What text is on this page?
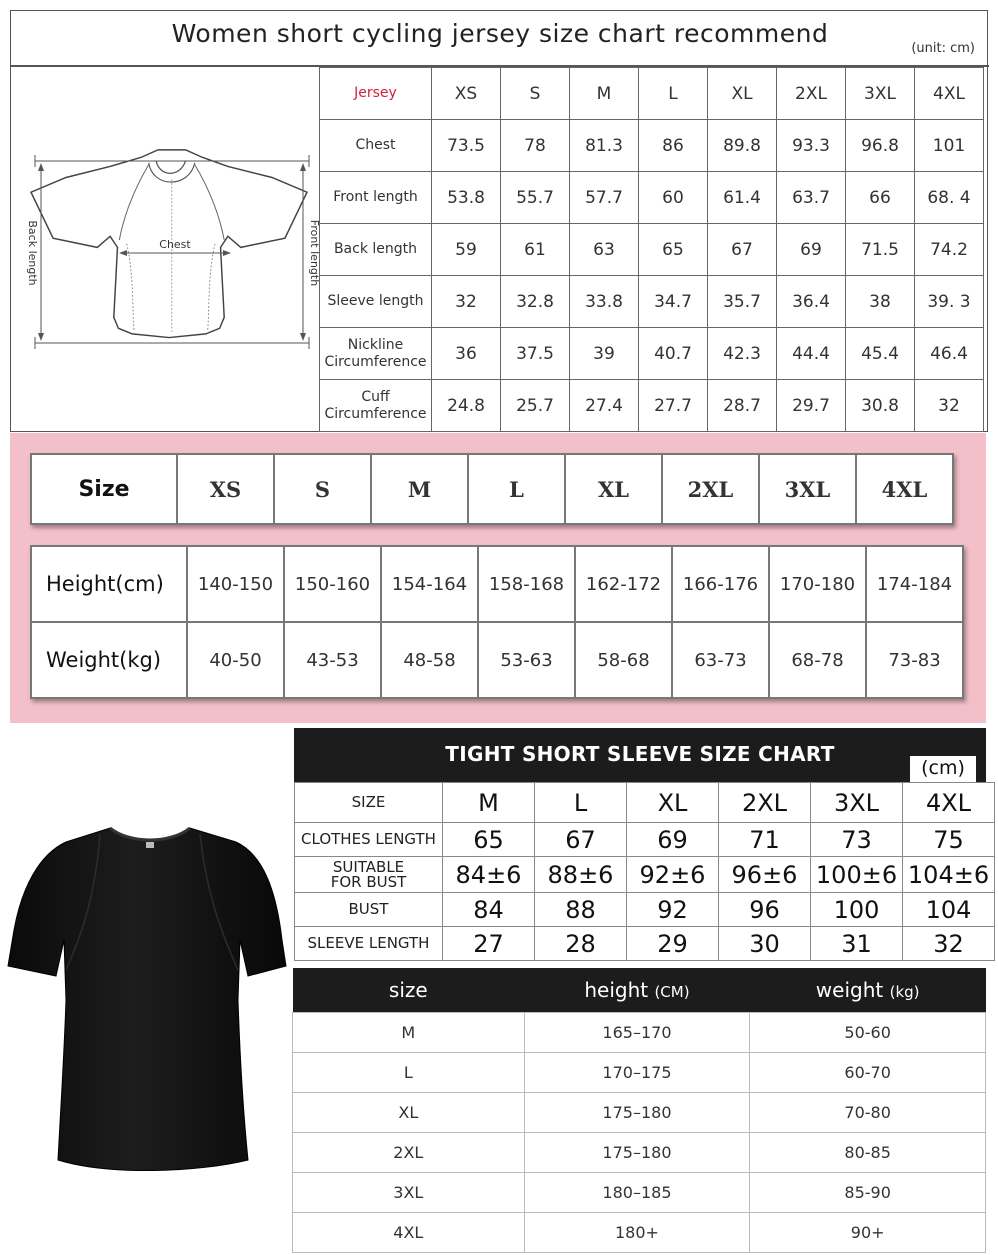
Women short cycling jersey size chart recommend
(unit: cm)
Back length	Chest	Front length
Jersey	XS	S	M	L	XL	2XL	3XL	4XL

Chest	73.5	78	81.3	86	89.8	93.3	96.8	101

Front length	53.8	55.7	57.7	60	61.4	63.7	66	68. 4

Back length	59	61	63	65	67	69	71.5	74.2

Sleeve length	32	32.8	33.8	34.7	35.7	36.4	38	39. 3

Nickline
Circumference	36	37.5	39	40.7	42.3	44.4	45.4	46.4

Cuff
Circumference	24.8	25.7	27.4	27.7	28.7	29.7	30.8	32
Size	XS	S	M	L	XL	2XL	3XL	4XL
Height(cm)	140-150	150-160	154-164	158-168	162-172	166-176	170-180	174-184
Weight(kg)	40-50	43-53	48-58	53-63	58-68	63-73	68-78	73-83
TIGHT SHORT SLEEVE SIZE CHART
(cm)
SIZE	M	L	XL	2XL	3XL	4XL

CLOTHES LENGTH	65	67	69	71	73	75

SUITABLE
FOR BUST	84±6	88±6	92±6	96±6	100±6	104±6

BUST	84	88	92	96	100	104

SLEEVE LENGTH	27	28	29	30	31	32
size	height (CM)	weight (kg)
M	165–170	50-60
L	170–175	60-70
XL	175–180	70-80
2XL	175–180	80-85
3XL	180–185	85-90
4XL	180+	90+
